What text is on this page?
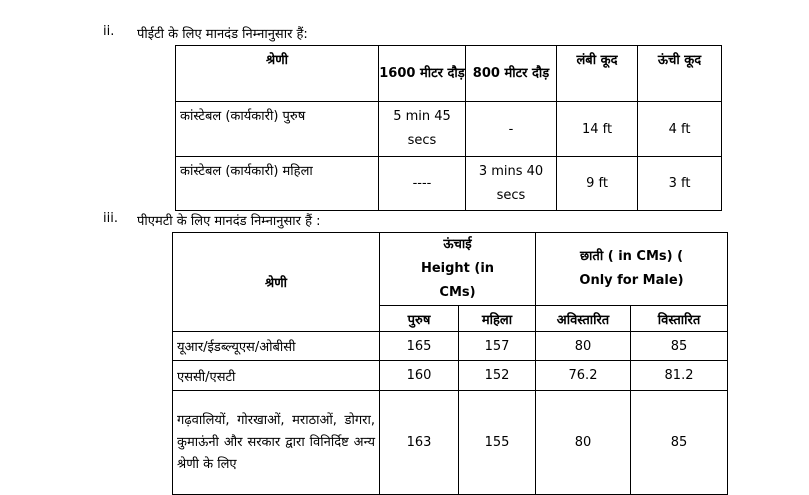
ii. पीईटी के लिए मानदंड निम्नानुसार हैं:
श्रेणी	1600 मीटर दौड़	800 मीटर दौड़	लंबी कूद	ऊंची कूद
कांस्टेबल (कार्यकारी) पुरुष	5 min 45 secs	-	14 ft	4 ft
कांस्टेबल (कार्यकारी) महिला	----	3 mins 40 secs	9 ft	3 ft
iii. पीएमटी के लिए मानदंड निम्नानुसार हैं :
श्रेणी	ऊंचाई Height (in CMs)		छाती ( in CMs) ( Only for Male)	
	पुरुष	महिला	अविस्तारित	विस्तारित
यूआर/ईडब्ल्यूएस/ओबीसी	165	157	80	85
एससी/एसटी	160	152	76.2	81.2
गढ़वालियों, गोरखाओं, मराठाओं, डोगरा, कुमाऊंनी और सरकार द्वारा विनिर्दिष्ट अन्य श्रेणी के लिए	163	155	80	85
